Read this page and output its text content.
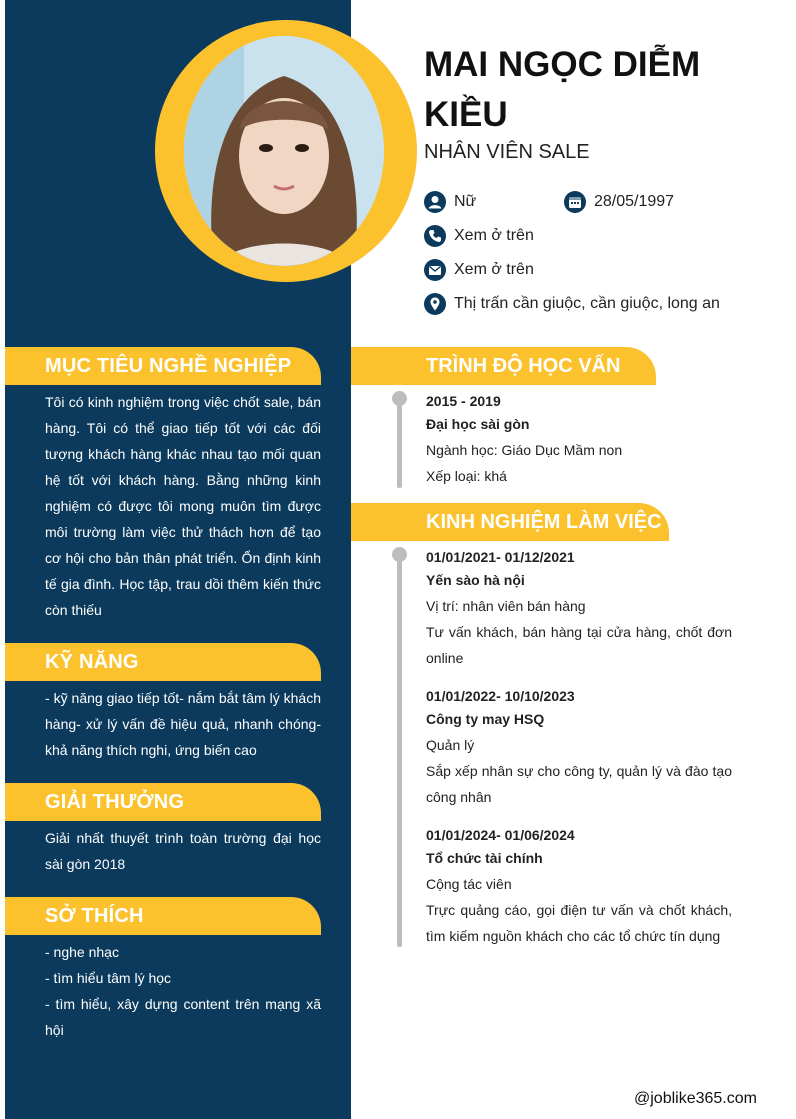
MAI NGỌC DIỄM KIỀU
NHÂN VIÊN SALE
Nữ	28/05/1997
Xem ở trên
Xem ở trên
Thị trấn cần giuộc, cần giuộc, long an
MỤC TIÊU NGHỀ NGHIỆP

Tôi có kinh nghiệm trong việc chốt sale, bán hàng. Tôi có thể giao tiếp tốt với các đối tượng khách hàng khác nhau tạo mối quan hệ tốt với khách hàng. Bằng những kinh nghiệm có được tôi mong muôn tìm được môi trường làm việc thử thách hơn để tạo cơ hội cho bản thân phát triển. Ổn định kinh tế gia đình. Học tập, trau dồi thêm kiến thức còn thiếu

KỸ NĂNG

- kỹ năng giao tiếp tốt- nắm bắt tâm lý khách hàng- xử lý vấn đề hiệu quả, nhanh chóng- khả năng thích nghi, ứng biến cao

GIẢI THƯỞNG

Giải nhất thuyết trình toàn trường đại học sài gòn 2018

SỞ THÍCH

- nghe nhạc

- tìm hiểu tâm lý học

- tìm hiểu, xây dựng content trên mạng xã hội

TRÌNH ĐỘ HỌC VẤN
2015 - 2019
Đại học sài gòn
Ngành học: Giáo Dục Mầm non
Xếp loại: khá
KINH NGHIỆM LÀM VIỆC
01/01/2021- 01/12/2021
Yến sào hà nội
Vị trí: nhân viên bán hàng
Tư vấn khách, bán hàng tại cửa hàng, chốt đơn online
01/01/2022- 10/10/2023
Công ty may HSQ
Quản lý
Sắp xếp nhân sự cho công ty, quản lý và đào tạo công nhân
01/01/2024- 01/06/2024
Tổ chức tài chính
Cộng tác viên
Trực quảng cáo, gọi điện tư vấn và chốt khách, tìm kiếm nguồn khách cho các tổ chức tín dụng
@joblike365.com
